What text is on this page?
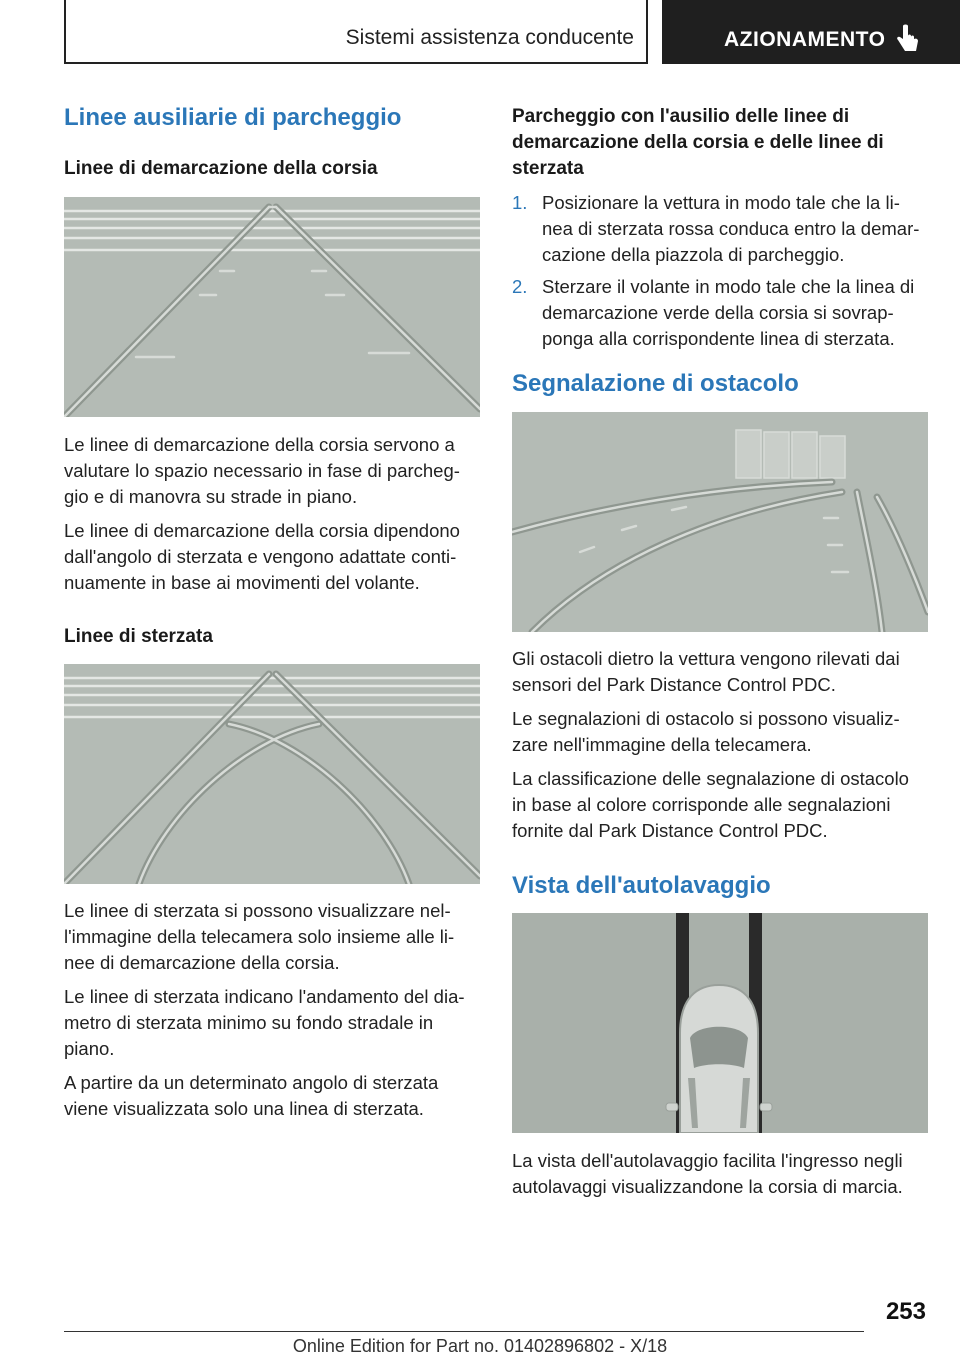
Sistemi assistenza conducente	AZIONAMENTO
Linee ausiliarie di parcheggio
Linee di demarcazione della corsia

Le linee di demarcazione della corsia servono a valutare lo spazio necessario in fase di parcheg-gio e di manovra su strade in piano.

Le linee di demarcazione della corsia dipendono dall'angolo di sterzata e vengono adattate conti-nuamente in base ai movimenti del volante.

Linee di sterzata

Le linee di sterzata si possono visualizzare nel-l'immagine della telecamera solo insieme alle li-nee di demarcazione della corsia.

Le linee di sterzata indicano l'andamento del dia-metro di sterzata minimo su fondo stradale in piano.

A partire da un determinato angolo di sterzata viene visualizzata solo una linea di sterzata.

Parcheggio con l'ausilio delle linee di demarcazione della corsia e delle linee di sterzata
1. Posizionare la vettura in modo tale che la li-nea di sterzata rossa conduca entro la demar-cazione della piazzola di parcheggio.
2. Sterzare il volante in modo tale che la linea di demarcazione verde della corsia si sovrap-ponga alla corrispondente linea di sterzata.
Segnalazione di ostacolo

Gli ostacoli dietro la vettura vengono rilevati dai sensori del Park Distance Control PDC.

Le segnalazioni di ostacolo si possono visualiz-zare nell'immagine della telecamera.

La classificazione delle segnalazione di ostacolo in base al colore corrisponde alle segnalazioni fornite dal Park Distance Control PDC.

Vista dell'autolavaggio

La vista dell'autolavaggio facilita l'ingresso negli autolavaggi visualizzandone la corsia di marcia.

253
Online Edition for Part no. 01402896802 - X/18
